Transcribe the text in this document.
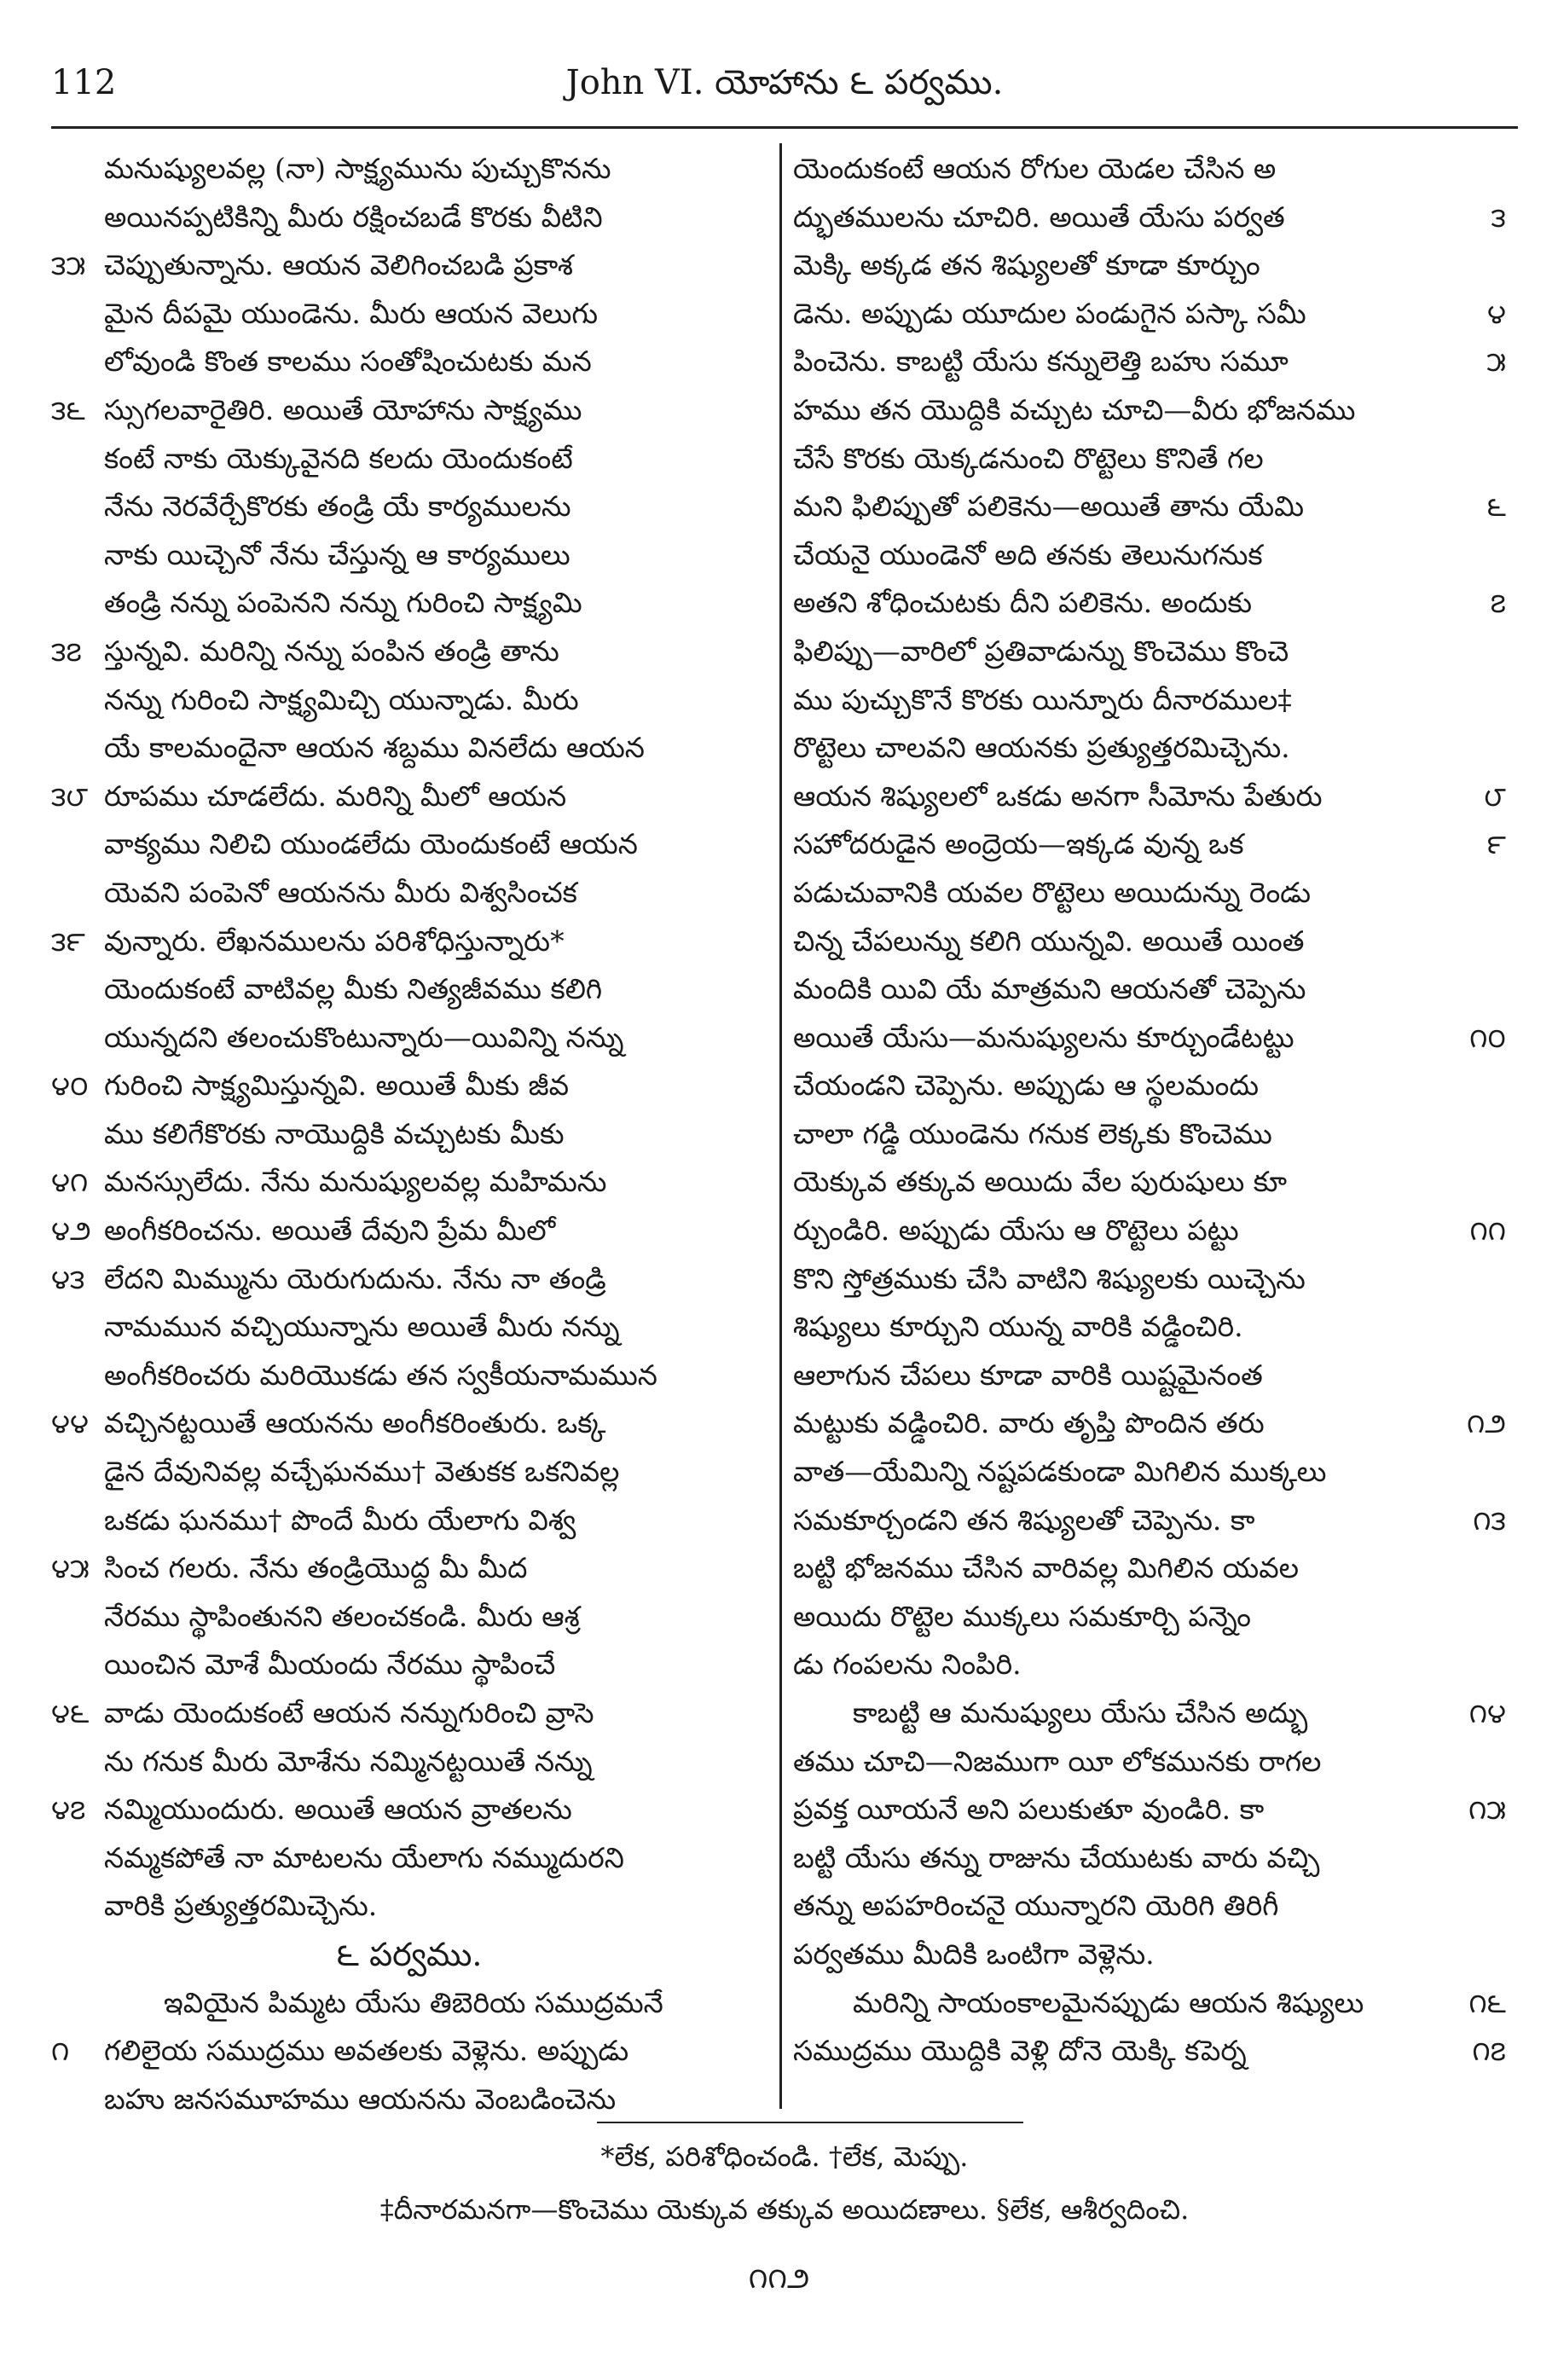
112	John VI. యోహాను ౬ పర్వము.
మనుష్యులవల్ల (నా) సాక్ష్యమును పుచ్చుకొనను
అయినప్పటికిన్ని మీరు రక్షించబడే కొరకు వీటిని
చెప్పుతున్నాను. ఆయన వెలిగించబడి ప్రకాశ
౩౫
మైన దీపమై యుండెను. మీరు ఆయన వెలుగు
లోవుండి కొంత కాలము సంతోషించుటకు మన
స్సుగలవారైతిరి. అయితే యోహాను సాక్ష్యము
౩౬
కంటే నాకు యెక్కువైనది కలదు యెందుకంటే
నేను నెరవేర్చేకొరకు తండ్రి యే కార్యములను
నాకు యిచ్చెనో నేను చేస్తున్న ఆ కార్యములు
తండ్రి నన్ను పంపెనని నన్ను గురించి సాక్ష్యమి
స్తున్నవి. మరిన్ని నన్ను పంపిన తండ్రి తాను
౩౭
నన్ను గురించి సాక్ష్యమిచ్చి యున్నాడు. మీరు
యే కాలమందైనా ఆయన శబ్దము వినలేదు ఆయన
రూపము చూడలేదు. మరిన్ని మీలో ఆయన
౩౮
వాక్యము నిలిచి యుండలేదు యెందుకంటే ఆయన
యెవని పంపెనో ఆయనను మీరు విశ్వసించక
వున్నారు. లేఖనములను పరిశోధిస్తున్నారు*
౩౯
యెందుకంటే వాటివల్ల మీకు నిత్యజీవము కలిగి
యున్నదని తలంచుకొంటున్నారు—యివిన్ని నన్ను
గురించి సాక్ష్యమిస్తున్నవి. అయితే మీకు జీవ
౪౦
ము కలిగేకొరకు నాయొద్దికి వచ్చుటకు మీకు
మనస్సులేదు. నేను మనుష్యులవల్ల మహిమను
౪౧
అంగీకరించను. అయితే దేవుని ప్రేమ మీలో
౪౨
లేదని మిమ్మును యెరుగుదును. నేను నా తండ్రి
౪౩
నామమున వచ్చియున్నాను అయితే మీరు నన్ను
అంగీకరించరు మరియొకడు తన స్వకీయనామమున
వచ్చినట్టయితే ఆయనను అంగీకరింతురు. ఒక్క
౪౪
డైన దేవునివల్ల వచ్చేఘనము† వెతుకక ఒకనివల్ల
ఒకడు ఘనము† పొందే మీరు యేలాగు విశ్వ
సించ గలరు. నేను తండ్రియొద్ద మీ మీద
౪౫
నేరము స్థాపింతునని తలంచకండి. మీరు ఆశ్ర
యించిన మోశే మీయందు నేరము స్థాపించే
వాడు యెందుకంటే ఆయన నన్నుగురించి వ్రాసె
౪౬
ను గనుక మీరు మోశేను నమ్మినట్టయితే నన్ను
నమ్మియుందురు. అయితే ఆయన వ్రాతలను
౪౭
నమ్మకపోతే నా మాటలను యేలాగు నమ్ముదురని
వారికి ప్రత్యుత్తరమిచ్చెను.
౬ పర్వము.
ఇవియైన పిమ్మట యేసు తిబెరియ సముద్రమనే
గలిలైయ సముద్రము అవతలకు వెళ్లెను. అప్పుడు
౧
బహు జనసమూహము ఆయనను వెంబడించెను
యెందుకంటే ఆయన రోగుల యెడల చేసిన అ
ద్భుతములను చూచిరి. అయితే యేసు పర్వత	౩
మెక్కి అక్కడ తన శిష్యులతో కూడా కూర్చుం
డెను. అప్పుడు యూదుల పండుగైన పస్కా సమీ	౪
పించెను. కాబట్టి యేసు కన్నులెత్తి బహు సమూ	౫
హము తన యొద్దికి వచ్చుట చూచి—వీరు భోజనము
చేసే కొరకు యెక్కడనుంచి రొట్టెలు కొనితే గల
మని ఫిలిప్పుతో పలికెను—అయితే తాను యేమి	౬
చేయనై యుండెనో అది తనకు తెలునుగనుక
అతని శోధించుటకు దీని పలికెను. అందుకు	౭
ఫిలిప్పు—వారిలో ప్రతివాడున్ను కొంచెము కొంచె
ము పుచ్చుకొనే కొరకు యిన్నూరు దీనారముల‡
రొట్టెలు చాలవని ఆయనకు ప్రత్యుత్తరమిచ్చెను.
ఆయన శిష్యులలో ఒకడు అనగా సీమోను పేతురు	౮
సహోదరుడైన అంద్రెయ—ఇక్కడ వున్న ఒక	౯
పడుచువానికి యవల రొట్టెలు అయిదున్ను రెండు
చిన్న చేపలున్ను కలిగి యున్నవి. అయితే యింత
మందికి యివి యే మాత్రమని ఆయనతో చెప్పెను
అయితే యేసు—మనుష్యులను కూర్చుండేటట్టు	౧౦
చేయండని చెప్పెను. అప్పుడు ఆ స్థలమందు
చాలా గడ్డి యుండెను గనుక లెక్కకు కొంచెము
యెక్కువ తక్కువ అయిదు వేల పురుషులు కూ
ర్చుండిరి. అప్పుడు యేసు ఆ రొట్టెలు పట్టు	౧౧
కొని స్తోత్రముకు చేసి వాటిని శిష్యులకు యిచ్చెను
శిష్యులు కూర్చుని యున్న వారికి వడ్డించిరి.
ఆలాగున చేపలు కూడా వారికి యిష్టమైనంత
మట్టుకు వడ్డించిరి. వారు తృప్తి పొందిన తరు	౧౨
వాత—యేమిన్ని నష్టపడకుండా మిగిలిన ముక్కలు
సమకూర్చండని తన శిష్యులతో చెప్పెను. కా	౧౩
బట్టి భోజనము చేసిన వారివల్ల మిగిలిన యవల
అయిదు రొట్టెల ముక్కలు సమకూర్చి పన్నెం
డు గంపలను నింపిరి.
కాబట్టి ఆ మనుష్యులు యేసు చేసిన అద్భు	౧౪
తము చూచి—నిజముగా యీ లోకమునకు రాగల
ప్రవక్త యీయనే అని పలుకుతూ వుండిరి. కా	౧౫
బట్టి యేసు తన్ను రాజును చేయుటకు వారు వచ్చి
తన్ను అపహరించనై యున్నారని యెరిగి తిరిగీ
పర్వతము మీదికి ఒంటిగా వెళ్లెను.
మరిన్ని సాయంకాలమైనప్పుడు ఆయన శిష్యులు	౧౬
సముద్రము యొద్దికి వెళ్లి దోనె యెక్కి కపెర్న	౧౭
*లేక, పరిశోధించండి. †లేక, మెప్పు.
‡దీనారమనగా—కొంచెము యెక్కువ తక్కువ అయిదణాలు. §లేక, ఆశీర్వదించి.
౧౧౨
